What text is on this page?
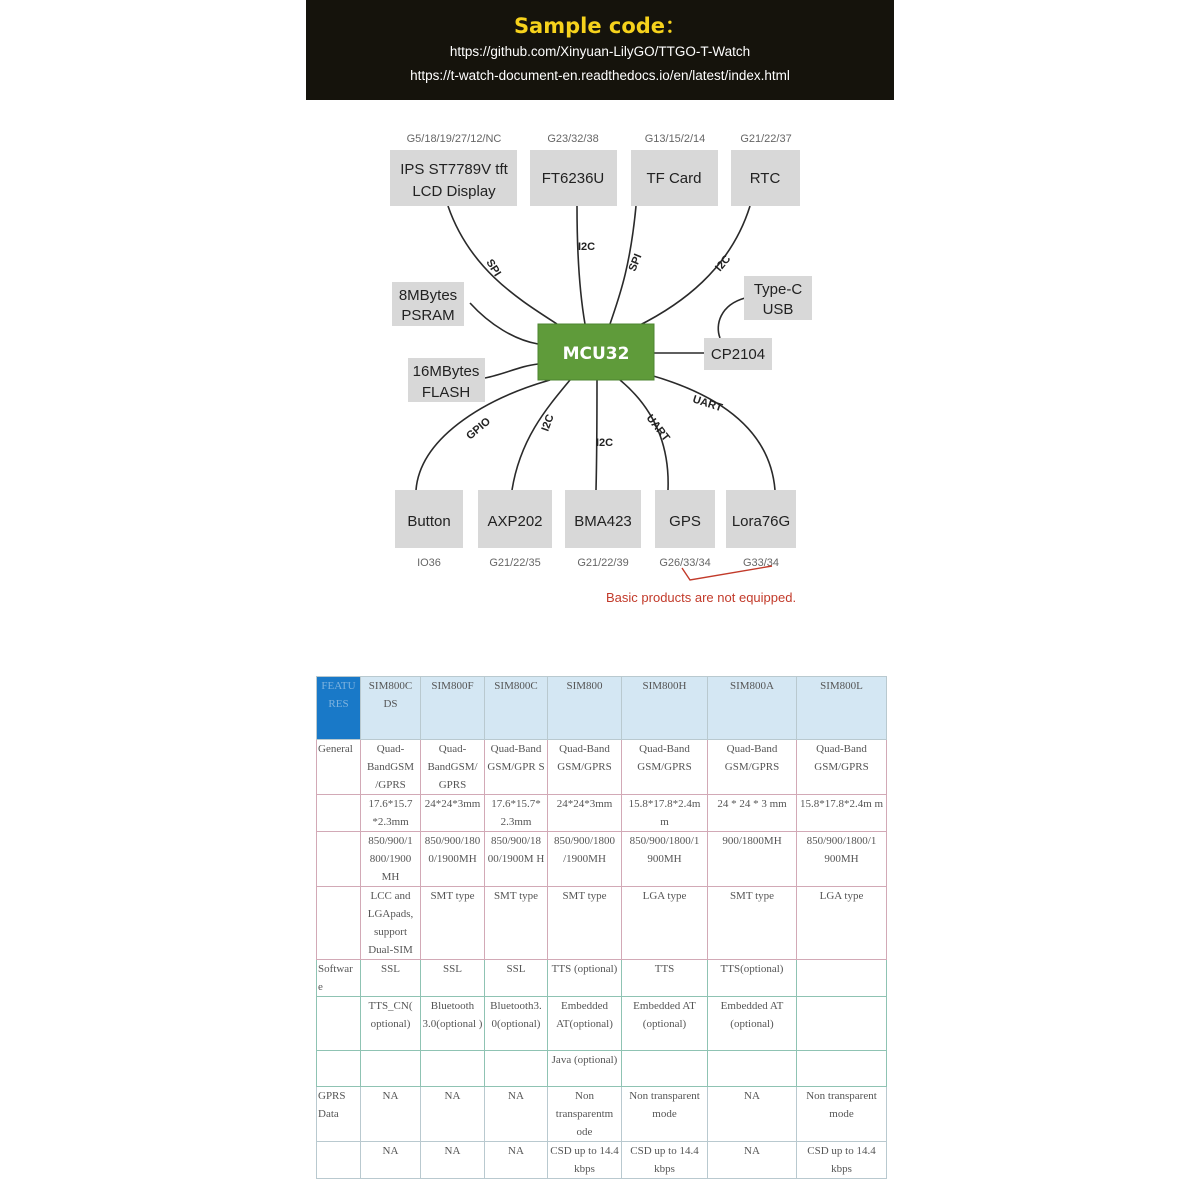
Sample code：
https://github.com/Xinyuan-LilyGO/TTGO-T-Watch
https://t-watch-document-en.readthedocs.io/en/latest/index.html
SPI
I2C
SPI	I2C
GPIO	I2C
I2C	UART
UART
G5/18/19/27/12/NC	G23/32/38	G13/15/2/14	G21/22/37
IPS ST7789V tft
LCD Display
FT6236U	TF Card	RTC
8MBytes
PSRAM
16MBytes
FLASH
MCU32
Type-C
USB
CP2104
Button AXP202 BMA423 GPS Lora76G
IO36	G21/22/35	G21/22/39	G26/33/34	G33/34
Basic products are not equipped.
FEATU RES	SIM800C DS	SIM800F	SIM800C	SIM800	SIM800H	SIM800A	SIM800L
General	Quad-BandGSM /GPRS	Quad-BandGSM/ GPRS	Quad-Band GSM/GPR S	Quad-Band GSM/GPRS	Quad-Band GSM/GPRS	Quad-Band GSM/GPRS	Quad-Band GSM/GPRS
	17.6*15.7 *2.3mm	24*24*3mm	17.6*15.7* 2.3mm	24*24*3mm	15.8*17.8*2.4m m	24 * 24 * 3 mm	15.8*17.8*2.4m m
	850/900/1 800/1900 MH	850/900/180 0/1900MH	850/900/18 00/1900M H	850/900/1800 /1900MH	850/900/1800/1 900MH	900/1800MH	850/900/1800/1 900MH
	LCC and LGApads, support Dual-SIM	SMT type	SMT type	SMT type	LGA type	SMT type	LGA type
Softwar e	SSL	SSL	SSL	TTS (optional)	TTS	TTS(optional)	
	TTS_CN( optional)	Bluetooth 3.0(optional )	Bluetooth3. 0(optional)	Embedded AT(optional)	Embedded AT (optional)	Embedded AT (optional)	
				Java (optional)			
GPRS Data	NA	NA	NA	Non transparentm ode	Non transparent mode	NA	Non transparent mode
	NA	NA	NA	CSD up to 14.4 kbps	CSD up to 14.4 kbps	NA	CSD up to 14.4 kbps
